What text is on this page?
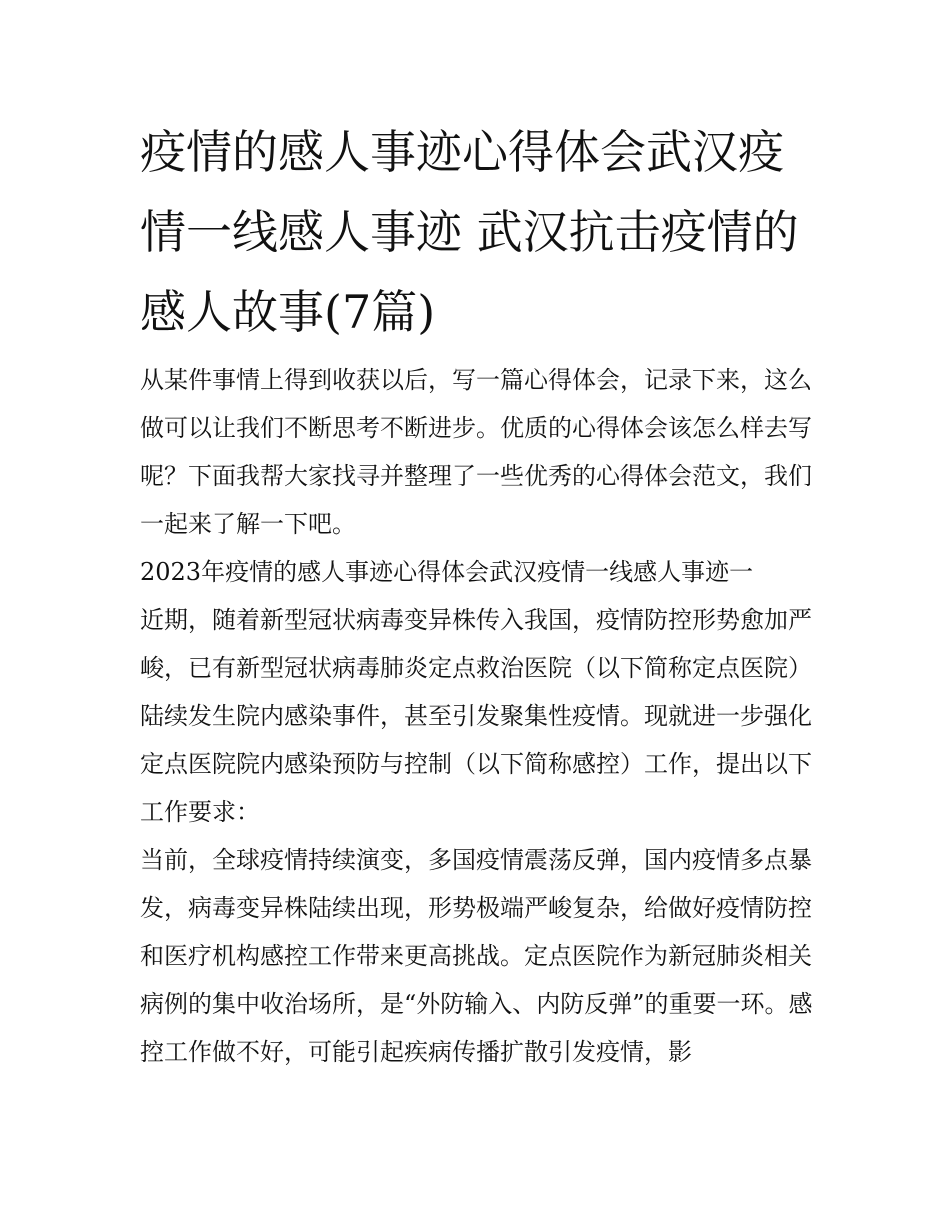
疫情的感人事迹心得体会武汉疫情一线感人事迹 武汉抗击疫情的感人故事(7篇)

从某件事情上得到收获以后，写一篇心得体会，记录下来，这么做可以让我们不断思考不断进步。优质的心得体会该怎么样去写呢？下面我帮大家找寻并整理了一些优秀的心得体会范文，我们一起来了解一下吧。

2023年疫情的感人事迹心得体会武汉疫情一线感人事迹一

近期，随着新型冠状病毒变异株传入我国，疫情防控形势愈加严峻，已有新型冠状病毒肺炎定点救治医院（以下简称定点医院）陆续发生院内感染事件，甚至引发聚集性疫情。现就进一步强化定点医院院内感染预防与控制（以下简称感控）工作，提出以下工作要求：

当前，全球疫情持续演变，多国疫情震荡反弹，国内疫情多点暴发，病毒变异株陆续出现，形势极端严峻复杂，给做好疫情防控和医疗机构感控工作带来更高挑战。定点医院作为新冠肺炎相关病例的集中收治场所，是“外防输入、内防反弹”的重要一环。感控工作做不好，可能引起疾病传播扩散引发疫情，影
